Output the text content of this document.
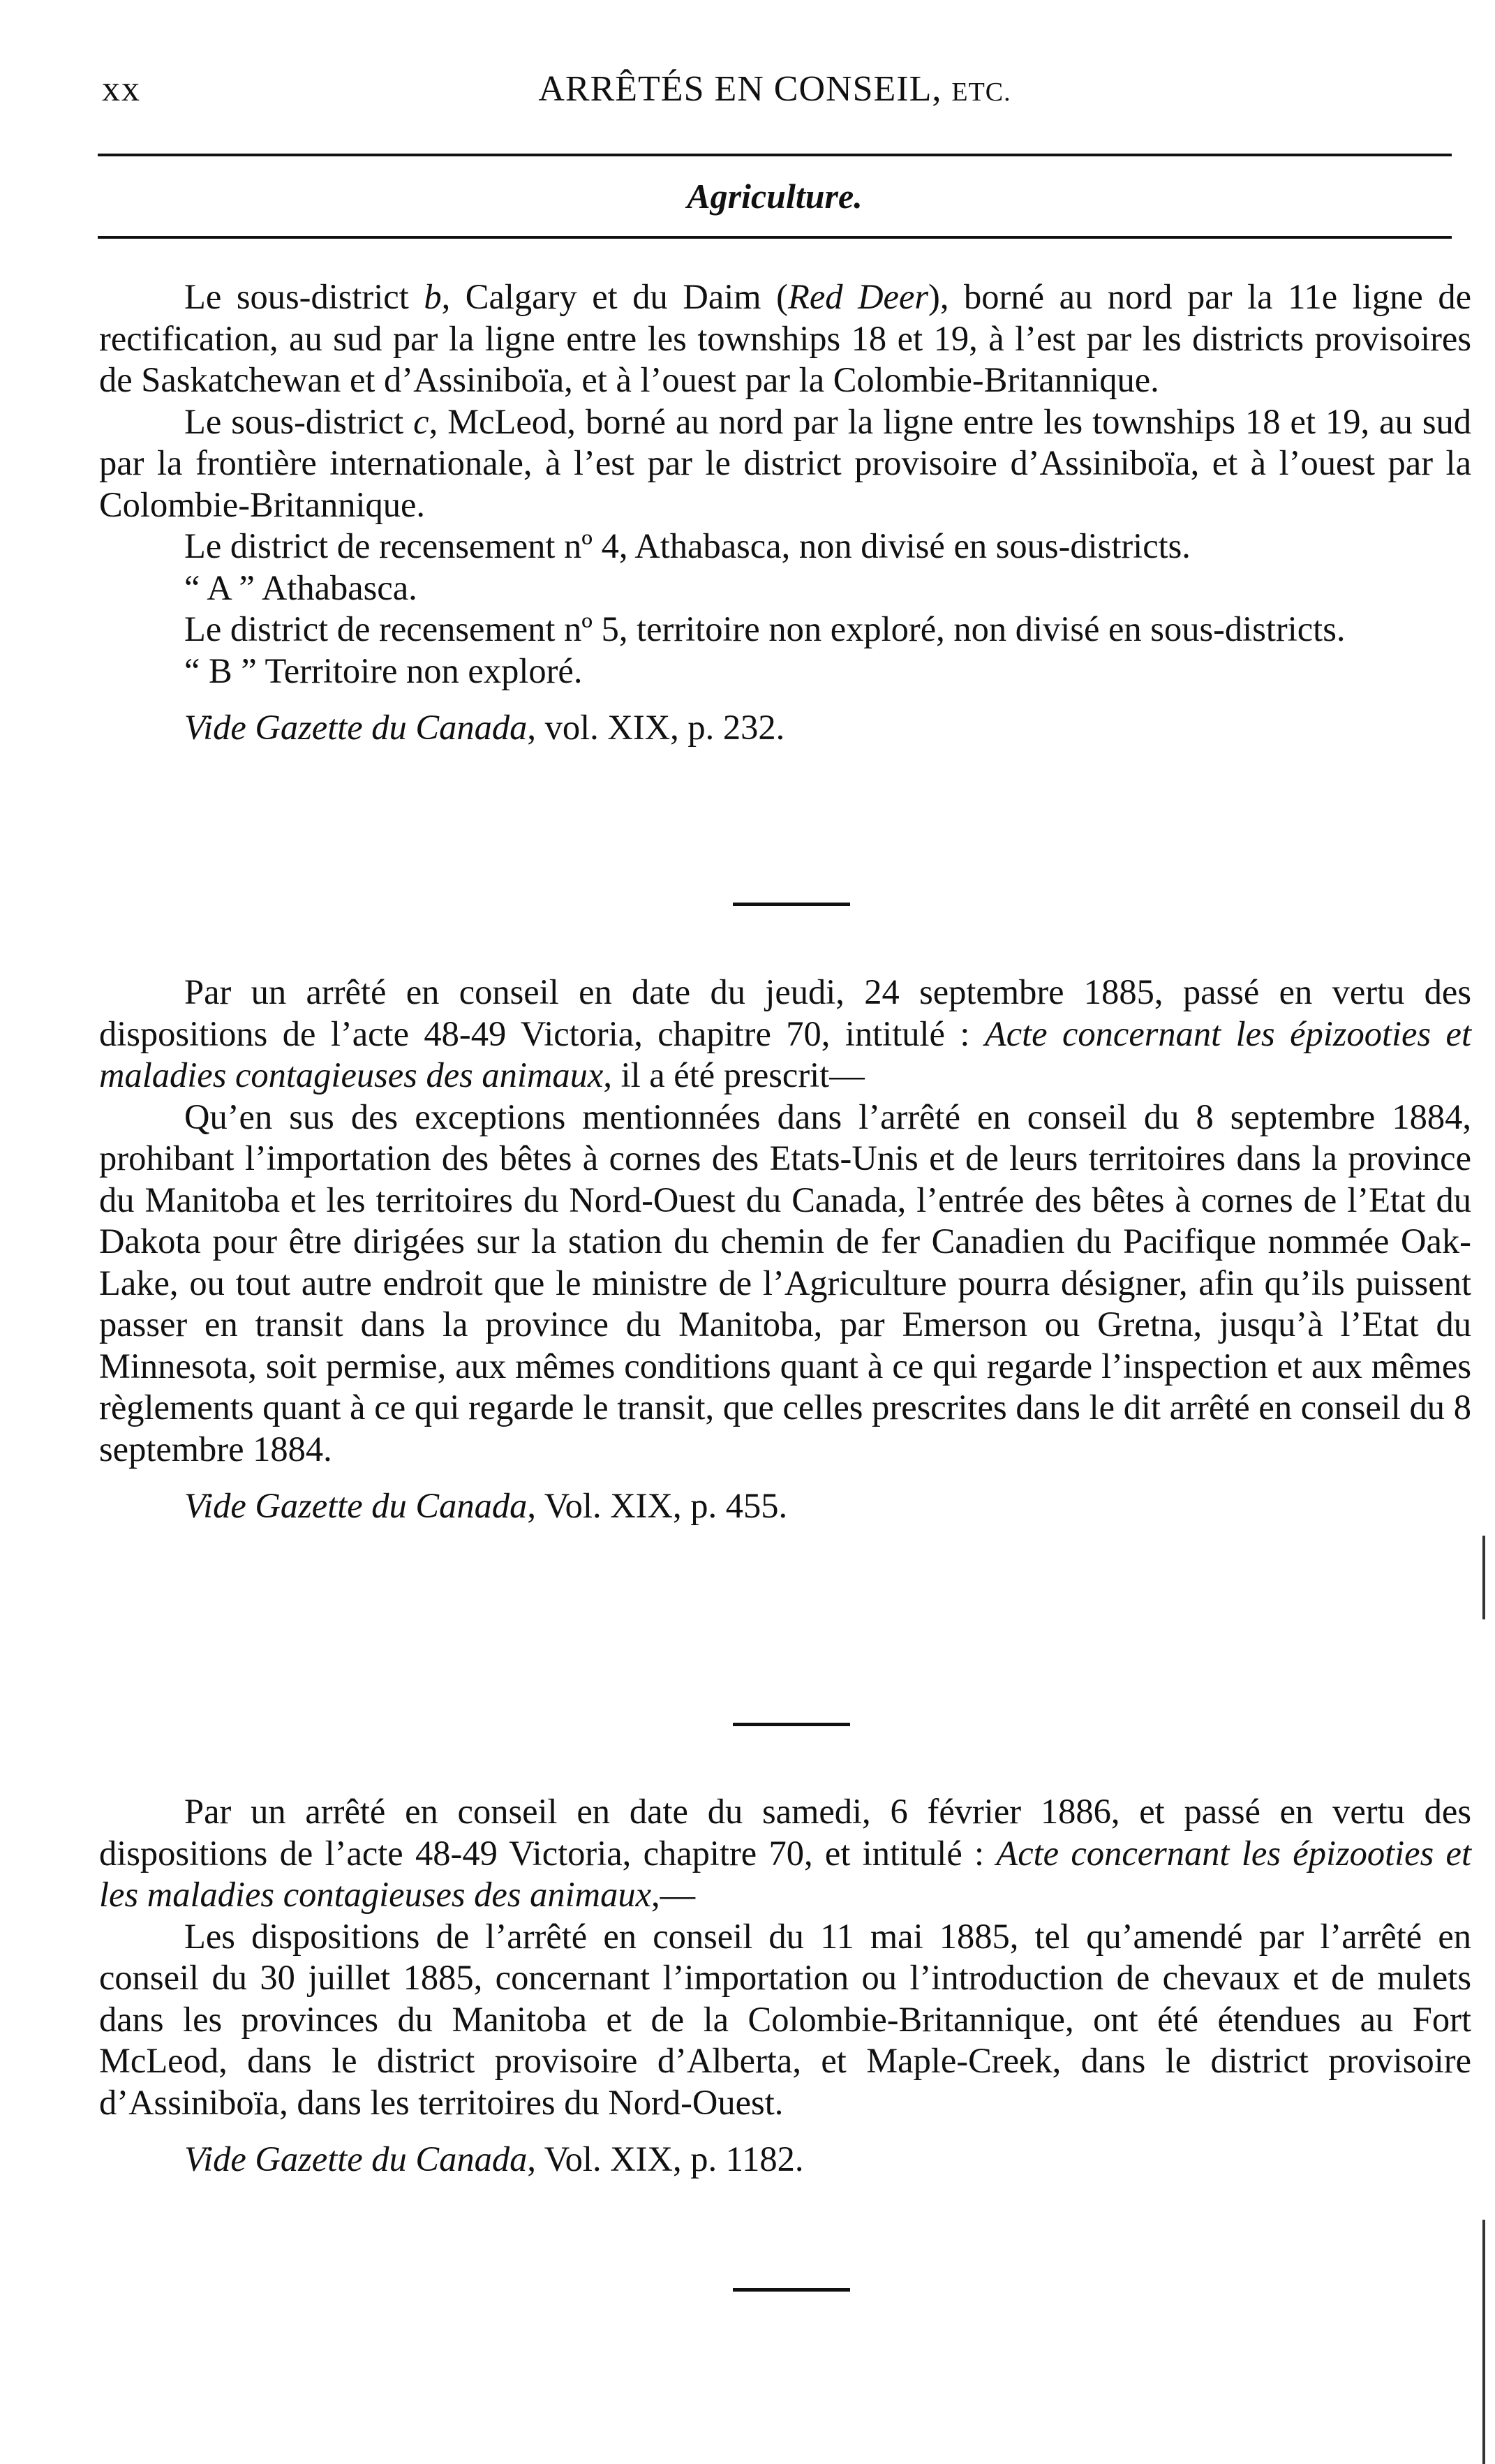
xx	ARRÊTÉS EN CONSEIL, ETC.
Agriculture.

Le sous-district b, Calgary et du Daim (Red Deer), borné au nord par la 11e ligne de rectification, au sud par la ligne entre les townships 18 et 19, à l’est par les districts provisoires de Saskatchewan et d’Assiniboïa, et à l’ouest par la Colombie-Britannique.

Le sous-district c, McLeod, borné au nord par la ligne entre les townships 18 et 19, au sud par la frontière internationale, à l’est par le district provisoire d’Assiniboïa, et à l’ouest par la Colombie-Britannique.

Le district de recensement nº 4, Athabasca, non divisé en sous-districts.

“ A ” Athabasca.

Le district de recensement nº 5, territoire non exploré, non divisé en sous-districts.

“ B ” Territoire non exploré.

Vide Gazette du Canada, vol. XIX, p. 232.

Par un arrêté en conseil en date du jeudi, 24 septembre 1885, passé en vertu des dispositions de l’acte 48-49 Victoria, chapitre 70, intitulé : Acte concernant les épizooties et maladies contagieuses des animaux, il a été prescrit—

Qu’en sus des exceptions mentionnées dans l’arrêté en conseil du 8 septembre 1884, prohibant l’importation des bêtes à cornes des Etats-Unis et de leurs territoires dans la province du Manitoba et les territoires du Nord-Ouest du Canada, l’entrée des bêtes à cornes de l’Etat du Dakota pour être dirigées sur la station du chemin de fer Canadien du Pacifique nommée Oak-Lake, ou tout autre endroit que le ministre de l’Agriculture pourra désigner, afin qu’ils puissent passer en transit dans la province du Manitoba, par Emerson ou Gretna, jusqu’à l’Etat du Minnesota, soit permise, aux mêmes conditions quant à ce qui regarde l’inspection et aux mêmes règlements quant à ce qui regarde le transit, que celles prescrites dans le dit arrêté en conseil du 8 septembre 1884.

Vide Gazette du Canada, Vol. XIX, p. 455.

Par un arrêté en conseil en date du samedi, 6 février 1886, et passé en vertu des dispositions de l’acte 48-49 Victoria, chapitre 70, et intitulé : Acte concernant les épizooties et les maladies contagieuses des animaux,—

Les dispositions de l’arrêté en conseil du 11 mai 1885, tel qu’amendé par l’arrêté en conseil du 30 juillet 1885, concernant l’importation ou l’introduction de chevaux et de mulets dans les provinces du Manitoba et de la Colombie-Britannique, ont été étendues au Fort McLeod, dans le district provisoire d’Alberta, et Maple-Creek, dans le district provisoire d’Assiniboïa, dans les territoires du Nord-Ouest.

Vide Gazette du Canada, Vol. XIX, p. 1182.
